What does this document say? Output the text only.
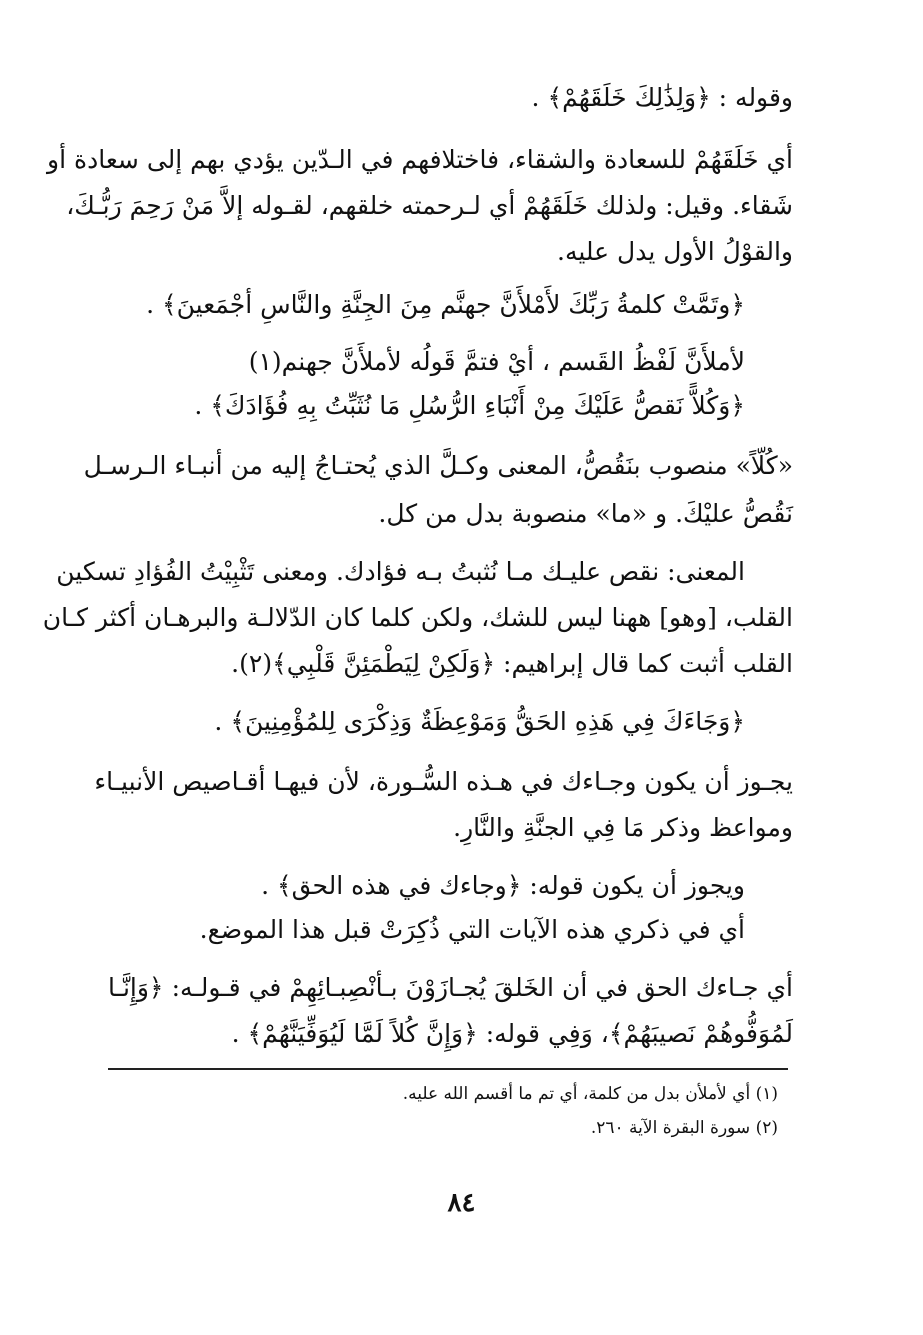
وقوله : ﴿وَلِذَٰلِكَ خَلَقَهُمْ﴾ .
أي خَلَقَهُمْ للسعادة والشقاء، فاختلافهم في الـدّين يؤدي بهم إلى سعادة أو
شَقاء. وقيل: ولذلك خَلَقَهُمْ أي لـرحمته خلقهم، لقـوله إلاَّ مَنْ رَحِمَ رَبُّـكَ،
والقوْلُ الأول يدل عليه.
﴿وتَمَّتْ كلمةُ رَبِّكَ لأَمْلأَنَّ جهنَّم مِنَ الجِنَّةِ والنَّاسِ أجْمَعينَ﴾ .
لأملأَنَّ لَفْظُ القَسم ، أيْ فتمَّ قَولُه لأملأَنَّ جهنم(١)
﴿وَكُلاًّ نَقصُّ عَلَيْكَ مِنْ أَنْبَاءِ الرُّسُلِ مَا نُثَبِّتُ بِهِ فُؤَادَكَ﴾ .
«كُلّاً» منصوب بنَقُصُّ، المعنى وكـلَّ الذي يُحتـاجُ إليه من أنبـاء الـرسـل
نَقُصُّ عليْكَ. و «ما» منصوبة بدل من كل.
المعنى: نقص عليـك مـا نُثبتُ بـه فؤادك. ومعنى تَثْبِيْتُ الفُؤادِ تسكين
القلب، [وهو] ههنا ليس للشك، ولكن كلما كان الدّلالـة والبرهـان أكثر كـان
القلب أثبت كما قال إبراهيم: ﴿وَلَكِنْ لِيَطْمَئِنَّ قَلْبِي﴾(٢).
﴿وَجَاءَكَ فِي هَذِهِ الحَقُّ وَمَوْعِظَةٌ وَذِكْرَى لِلمُؤْمِنِينَ﴾ .
يجـوز أن يكون وجـاءك في هـذه السُّـورة، لأن فيهـا أقـاصيص الأنبيـاء
ومواعظ وذكر مَا فِي الجنَّةِ والنَّارِ.
ويجوز أن يكون قوله: ﴿وجاءك في هذه الحق﴾ .
أي في ذكري هذه الآيات التي ذُكِرَتْ قبل هذا الموضع.
أي جـاءك الحق في أن الخَلقَ يُجـازَوْنَ بـأنْصِبـائِهِمْ في قـولـه: ﴿وَإِنَّـا
لَمُوَفُّوهُمْ نَصيبَهُمْ﴾، وَفِي قوله: ﴿وَإِنَّ كُلاً لَمَّا لَيُوَفِّيَنَّهُمْ﴾ .
(١) أي لأملأن بدل من كلمة، أي تم ما أقسم الله عليه.
(٢) سورة البقرة الآية ٢٦٠.
٨٤
